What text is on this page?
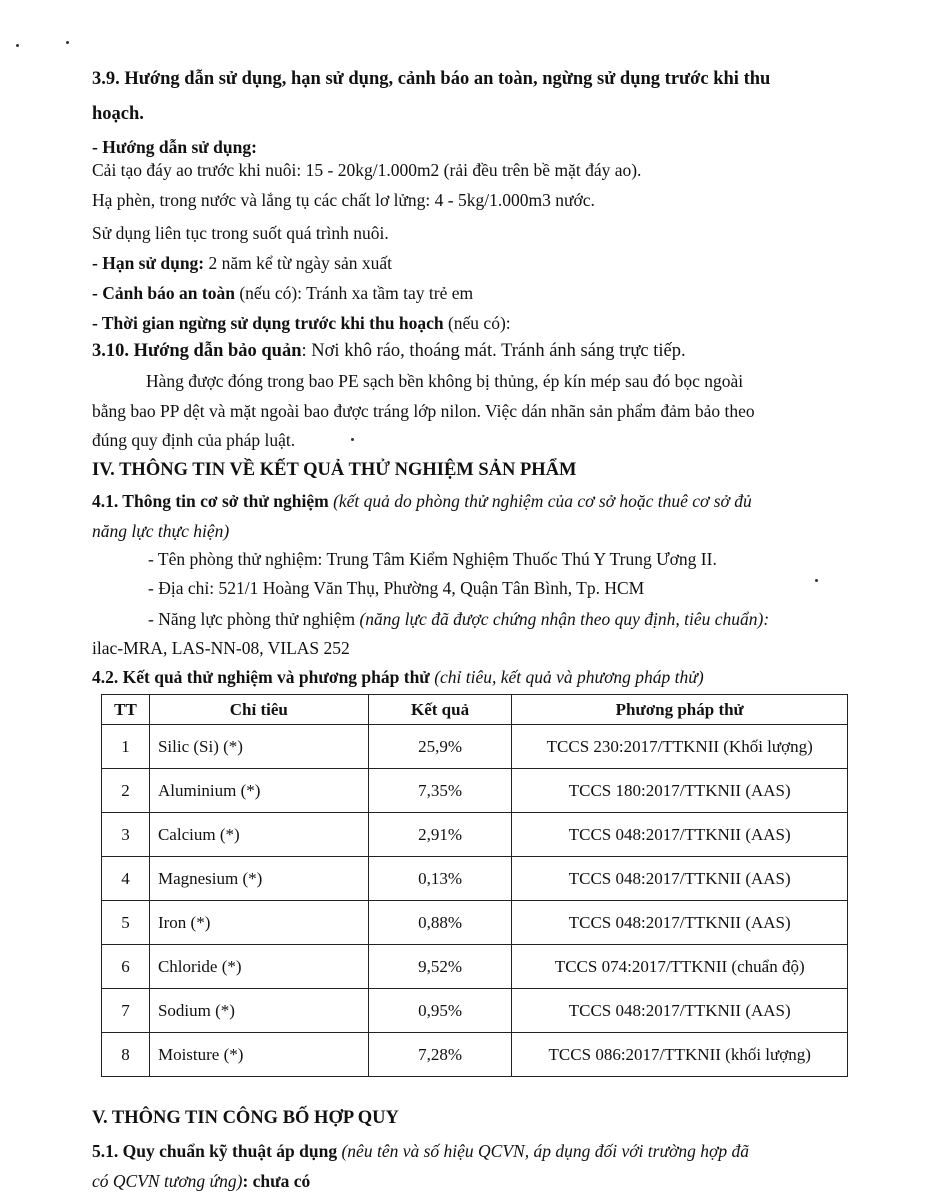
3.9. Hướng dẫn sử dụng, hạn sử dụng, cảnh báo an toàn, ngừng sử dụng trước khi thu
hoạch.
- Hướng dẫn sử dụng:
Cải tạo đáy ao trước khi nuôi: 15 - 20kg/1.000m2 (rải đều trên bề mặt đáy ao).
Hạ phèn, trong nước và lắng tụ các chất lơ lửng: 4 - 5kg/1.000m3 nước.
Sử dụng liên tục trong suốt quá trình nuôi.
- Hạn sử dụng: 2 năm kể từ ngày sản xuất
- Cảnh báo an toàn (nếu có): Tránh xa tầm tay trẻ em
- Thời gian ngừng sử dụng trước khi thu hoạch (nếu có):
3.10. Hướng dẫn bảo quản: Nơi khô ráo, thoáng mát. Tránh ánh sáng trực tiếp.
Hàng được đóng trong bao PE sạch bền không bị thủng, ép kín mép sau đó bọc ngoài
bằng bao PP dệt và mặt ngoài bao được tráng lớp nilon. Việc dán nhãn sản phẩm đảm bảo theo
đúng quy định của pháp luật.
IV. THÔNG TIN VỀ KẾT QUẢ THỬ NGHIỆM SẢN PHẨM
4.1. Thông tin cơ sở thử nghiệm (kết quả do phòng thử nghiệm của cơ sở hoặc thuê cơ sở đủ
năng lực thực hiện)
- Tên phòng thử nghiệm: Trung Tâm Kiểm Nghiệm Thuốc Thú Y Trung Ương II.
- Địa chỉ: 521/1 Hoàng Văn Thụ, Phường 4, Quận Tân Bình, Tp. HCM
- Năng lực phòng thử nghiệm (năng lực đã được chứng nhận theo quy định, tiêu chuẩn):
ilac-MRA, LAS-NN-08, VILAS 252
4.2. Kết quả thử nghiệm và phương pháp thử (chỉ tiêu, kết quả và phương pháp thử)
TT	Chỉ tiêu	Kết quả	Phương pháp thử
1	Silic (Si) (*)	25,9%	TCCS 230:2017/TTKNII (Khối lượng)
2	Aluminium (*)	7,35%	TCCS 180:2017/TTKNII (AAS)
3	Calcium (*)	2,91%	TCCS 048:2017/TTKNII (AAS)
4	Magnesium (*)	0,13%	TCCS 048:2017/TTKNII (AAS)
5	Iron (*)	0,88%	TCCS 048:2017/TTKNII (AAS)
6	Chloride (*)	9,52%	TCCS 074:2017/TTKNII (chuẩn độ)
7	Sodium (*)	0,95%	TCCS 048:2017/TTKNII (AAS)
8	Moisture (*)	7,28%	TCCS 086:2017/TTKNII (khối lượng)
V. THÔNG TIN CÔNG BỐ HỢP QUY
5.1. Quy chuẩn kỹ thuật áp dụng (nêu tên và số hiệu QCVN, áp dụng đối với trường hợp đã
có QCVN tương ứng): chưa có
